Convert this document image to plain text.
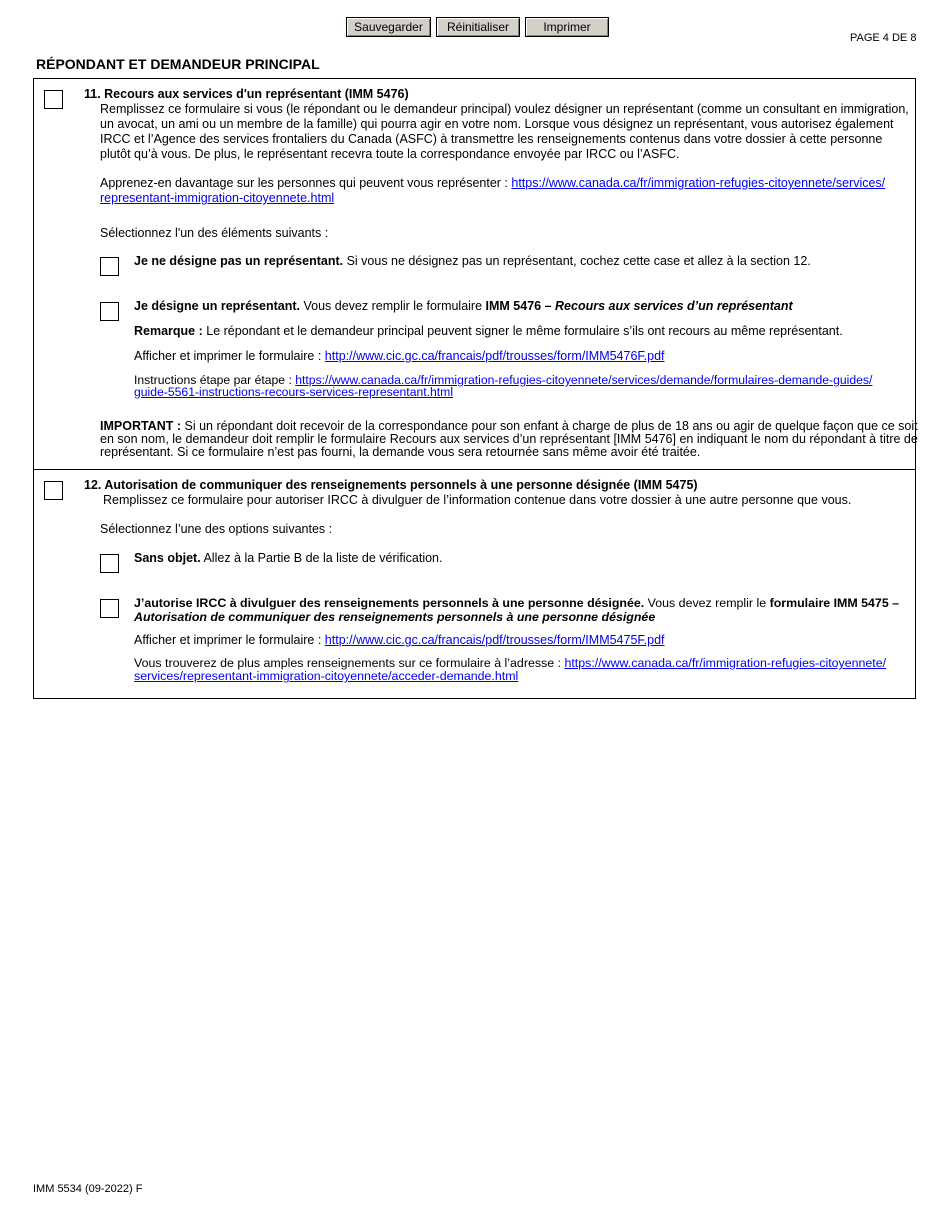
Sauvegarder	Réinitialiser	Imprimer
PAGE 4 DE 8
RÉPONDANT ET DEMANDEUR PRINCIPAL
11. Recours aux services d'un représentant (IMM 5476)
Remplissez ce formulaire si vous (le répondant ou le demandeur principal) voulez désigner un représentant (comme un consultant en immigration,
un avocat, un ami ou un membre de la famille) qui pourra agir en votre nom. Lorsque vous désignez un représentant, vous autorisez également
IRCC et l’Agence des services frontaliers du Canada (ASFC) à transmettre les renseignements contenus dans votre dossier à cette personne
plutôt qu’à vous. De plus, le représentant recevra toute la correspondance envoyée par IRCC ou l’ASFC.
Apprenez-en davantage sur les personnes qui peuvent vous représenter : https://www.canada.ca/fr/immigration-refugies-citoyennete/services/
representant-immigration-citoyennete.html
Sélectionnez l'un des éléments suivants :
Je ne désigne pas un représentant. Si vous ne désignez pas un représentant, cochez cette case et allez à la section 12.
Je désigne un représentant. Vous devez remplir le formulaire IMM 5476 – Recours aux services d’un représentant
Remarque : Le répondant et le demandeur principal peuvent signer le même formulaire s’ils ont recours au même représentant.
Afficher et imprimer le formulaire : http://www.cic.gc.ca/francais/pdf/trousses/form/IMM5476F.pdf
Instructions étape par étape : https://www.canada.ca/fr/immigration-refugies-citoyennete/services/demande/formulaires-demande-guides/
guide-5561-instructions-recours-services-representant.html
IMPORTANT : Si un répondant doit recevoir de la correspondance pour son enfant à charge de plus de 18 ans ou agir de quelque façon que ce soit
en son nom, le demandeur doit remplir le formulaire Recours aux services d’un représentant [IMM 5476] en indiquant le nom du répondant à titre de
représentant. Si ce formulaire n’est pas fourni, la demande vous sera retournée sans même avoir été traitée.
12. Autorisation de communiquer des renseignements personnels à une personne désignée (IMM 5475)
Remplissez ce formulaire pour autoriser IRCC à divulguer de l’information contenue dans votre dossier à une autre personne que vous.
Sélectionnez l’une des options suivantes :
Sans objet. Allez à la Partie B de la liste de vérification.
J’autorise IRCC à divulguer des renseignements personnels à une personne désignée. Vous devez remplir le formulaire IMM 5475 –
Autorisation de communiquer des renseignements personnels à une personne désignée
Afficher et imprimer le formulaire : http://www.cic.gc.ca/francais/pdf/trousses/form/IMM5475F.pdf
Vous trouverez de plus amples renseignements sur ce formulaire à l’adresse : https://www.canada.ca/fr/immigration-refugies-citoyennete/
services/representant-immigration-citoyennete/acceder-demande.html
IMM 5534 (09-2022) F
